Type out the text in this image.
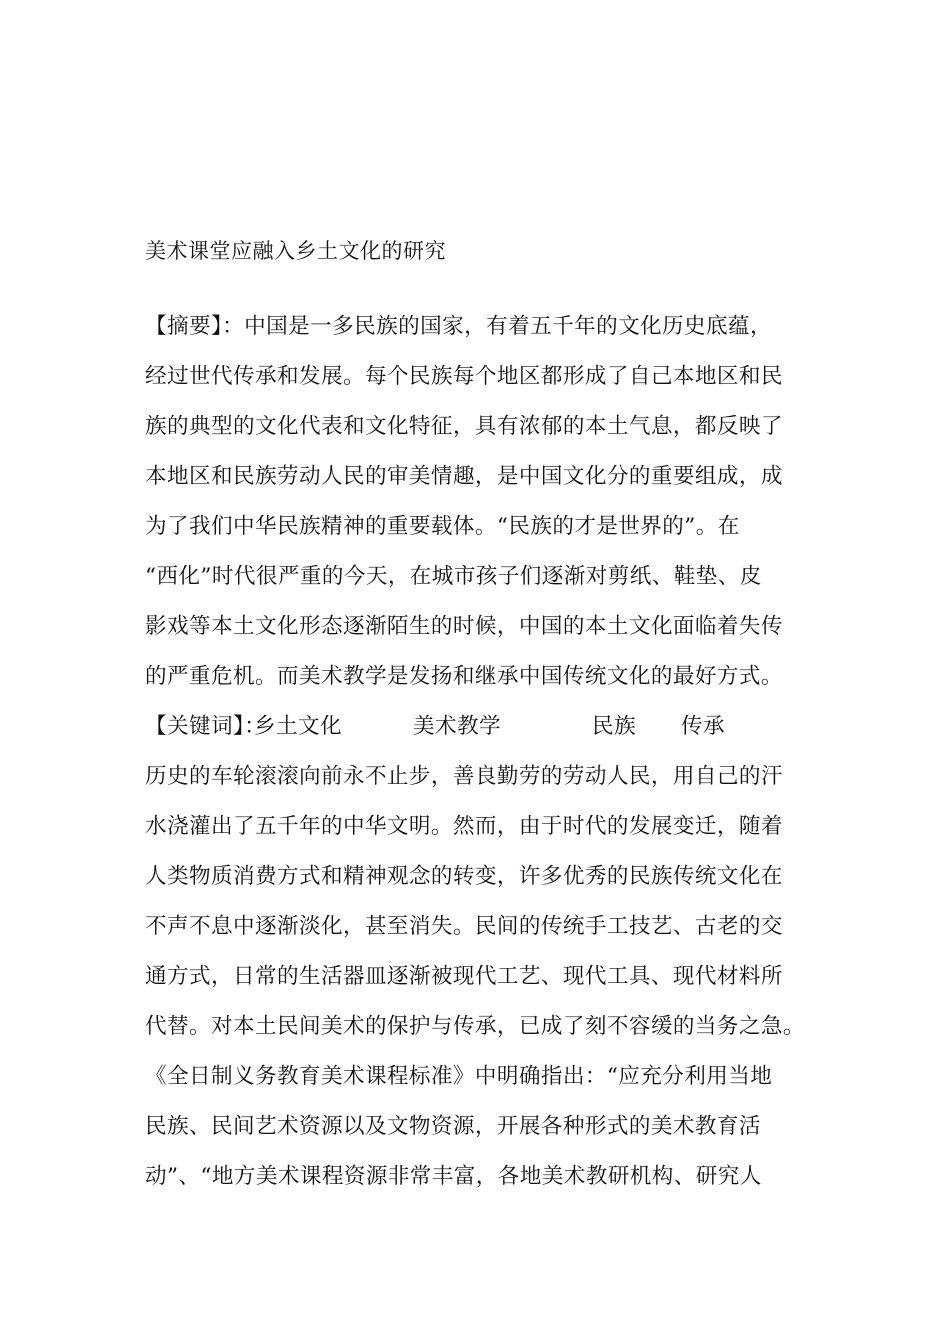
美术课堂应融入乡土文化的研究
【摘要】：中国是一多民族的国家，有着五千年的文化历史底蕴，
经过世代传承和发展。每个民族每个地区都形成了自己本地区和民
族的典型的文化代表和文化特征，具有浓郁的本土气息，都反映了
本地区和民族劳动人民的审美情趣，是中国文化分的重要组成，成
为了我们中华民族精神的重要载体。“民族的才是世界的”。在
“西化”时代很严重的今天，在城市孩子们逐渐对剪纸、鞋垫、皮
影戏等本土文化形态逐渐陌生的时候，中国的本土文化面临着失传
的严重危机。而美术教学是发扬和继承中国传统文化的最好方式。
【关键词】：
乡土文化	美术教学	民族 传承
历史的车轮滚滚向前永不止步，善良勤劳的劳动人民，用自己的汗
水浇灌出了五千年的中华文明。然而，由于时代的发展变迁，随着
人类物质消费方式和精神观念的转变，许多优秀的民族传统文化在
不声不息中逐渐淡化，甚至消失。民间的传统手工技艺、古老的交
通方式，日常的生活器皿逐渐被现代工艺、现代工具、现代材料所
代替。对本土民间美术的保护与传承，已成了刻不容缓的当务之急。
《全日制义务教育美术课程标准》中明确指出：“应充分利用当地
民族、民间艺术资源以及文物资源，开展各种形式的美术教育活
动”、“地方美术课程资源非常丰富，各地美术教研机构、研究人
